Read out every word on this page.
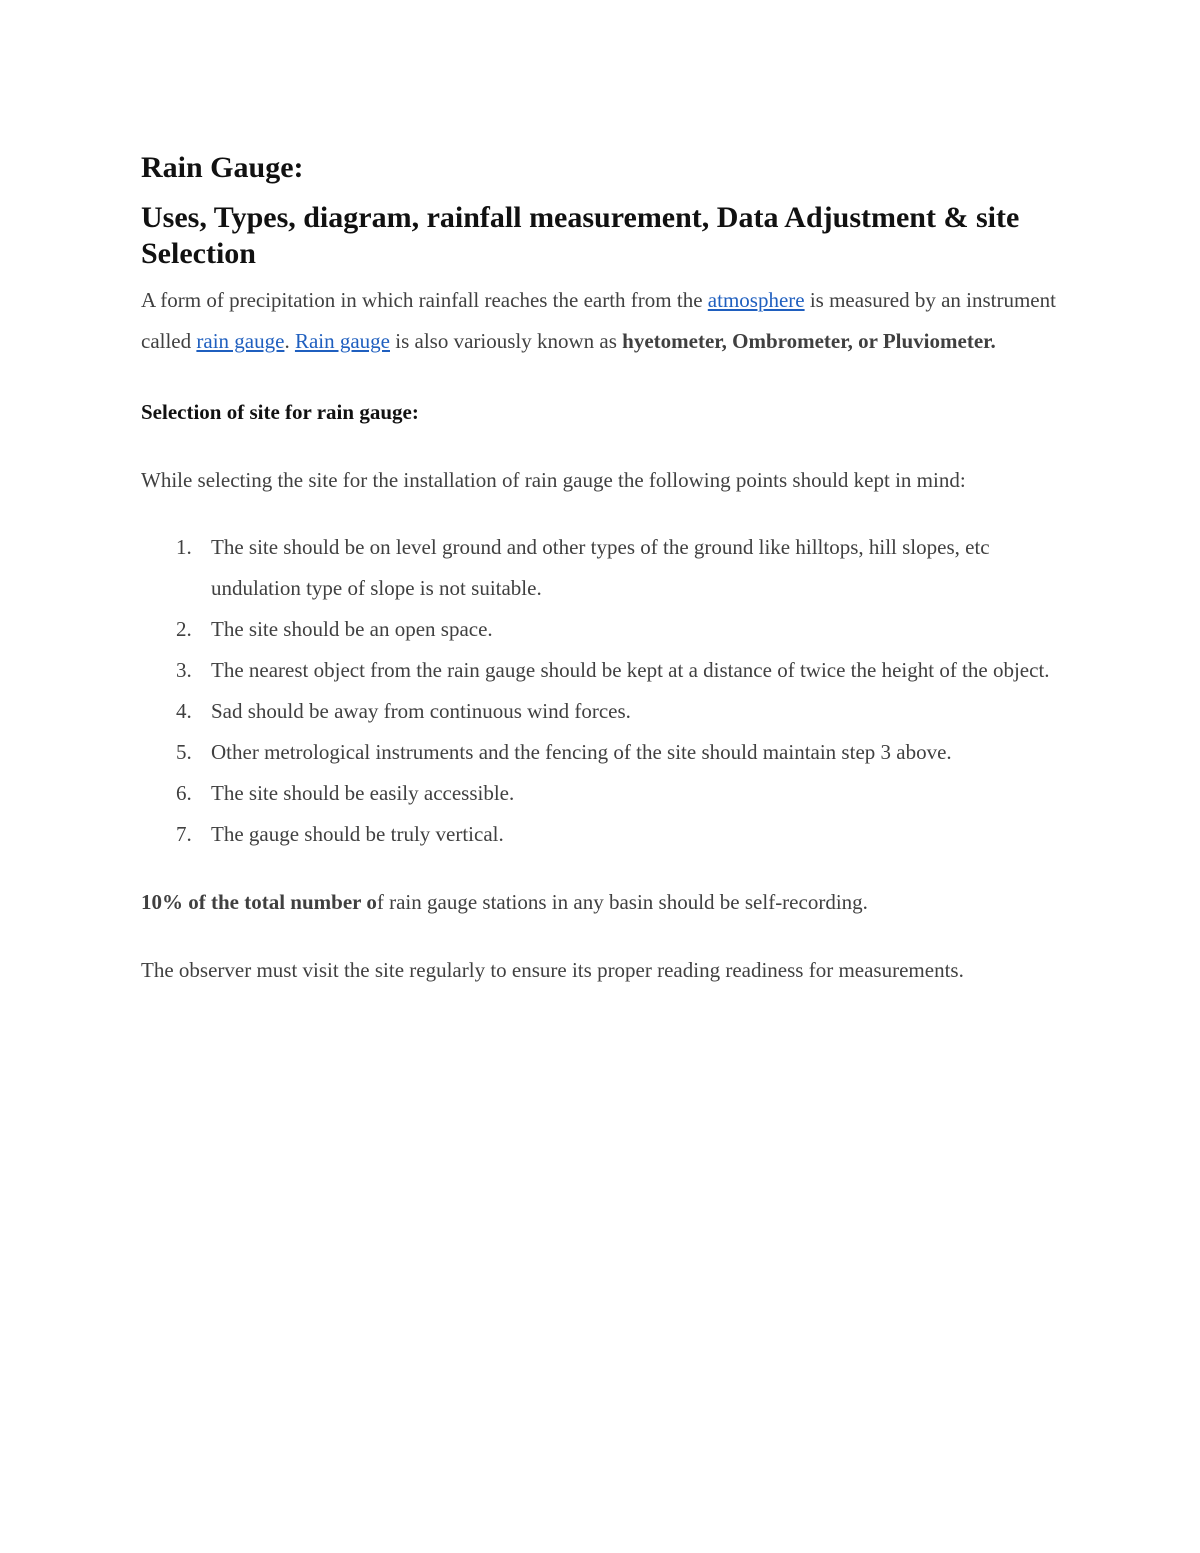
Rain Gauge:
Uses, Types, diagram, rainfall measurement, Data Adjustment & site Selection

A form of precipitation in which rainfall reaches the earth from the atmosphere is measured by an instrument called rain gauge. Rain gauge is also variously known as hyetometer, Ombrometer, or Pluviometer.

Selection of site for rain gauge:

While selecting the site for the installation of rain gauge the following points should kept in mind:

1. The site should be on level ground and other types of the ground like hilltops, hill slopes, etc undulation type of slope is not suitable.
2. The site should be an open space.
3. The nearest object from the rain gauge should be kept at a distance of twice the height of the object.
4. Sad should be away from continuous wind forces.
5. Other metrological instruments and the fencing of the site should maintain step 3 above.
6. The site should be easily accessible.
7. The gauge should be truly vertical.

10% of the total number of rain gauge stations in any basin should be self-recording.

The observer must visit the site regularly to ensure its proper reading readiness for measurements.
